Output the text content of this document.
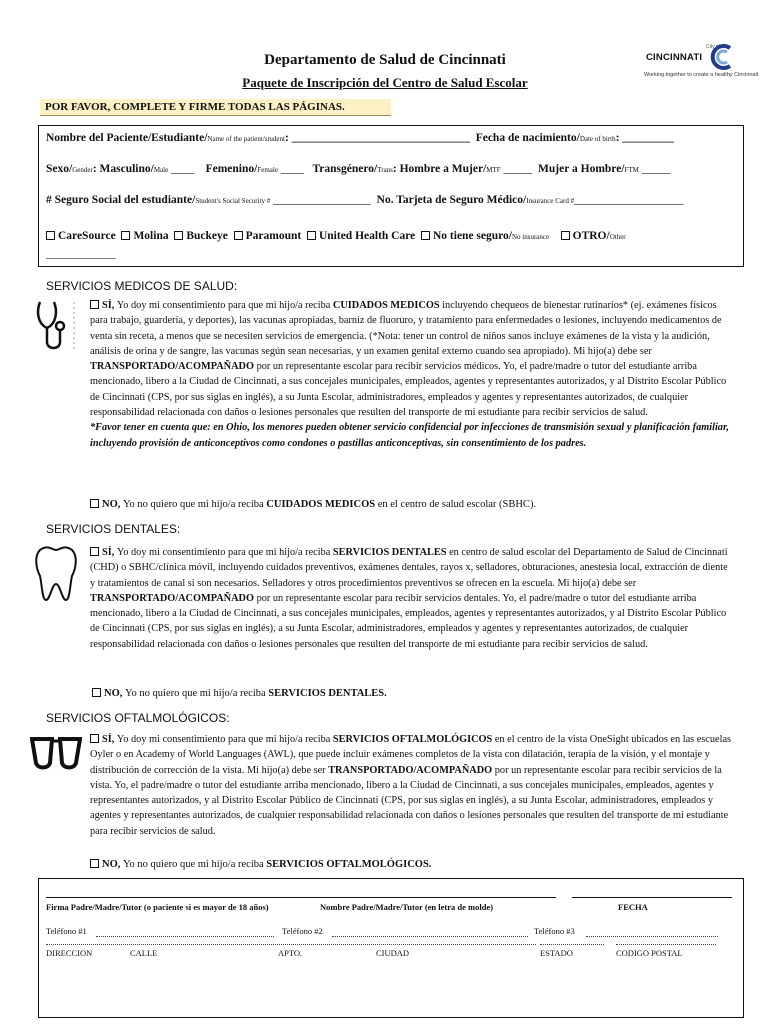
Departamento de Salud de Cincinnati
Paquete de Inscripción del Centro de Salud Escolar
City of
CINCINNATI
Working together to create a healthy Cincinnati
POR FAVOR, COMPLETE Y FIRME TODAS LAS PÁGINAS.
Nombre del Paciente/Estudiante/Name of the patient/student: _______________________________ Fecha de nacimiento/Date of birth: _________
Sexo/Gender: Masculino/Male ____ Femenino/Female ____ Transgénero/Trans: Hombre a Mujer/MTF _____ Mujer a Hombre/FTM _____
# Seguro Social del estudiante/Student's Social Security # _________________ No. Tarjeta de Seguro Médico/Insurance Card #___________________
CareSource Molina Buckeye Paramount United Health Care No tiene seguro/No insurance OTRO/Other
______________
SERVICIOS MEDICOS DE SALUD:
SÍ, Yo doy mi consentimiento para que mi hijo/a reciba CUIDADOS MEDICOS incluyendo chequeos de bienestar rutinarios* (ej. exámenes físicos para trabajo, guardería, y deportes), las vacunas apropiadas, barniz de fluoruro, y tratamiento para enfermedades o lesiones, incluyendo medicamentos de venta sin receta, a menos que se necesiten servicios de emergencia. (*Nota: tener un control de niños sanos incluye exámenes de la vista y la audición, análisis de orina y de sangre, las vacunas según sean necesarias, y un examen genital externo cuando sea apropiado). Mi hijo(a) debe ser TRANSPORTADO/ACOMPAÑADO por un representante escolar para recibir servicios médicos. Yo, el padre/madre o tutor del estudiante arriba mencionado, libero a la Ciudad de Cincinnati, a sus concejales municipales, empleados, agentes y representantes autorizados, y al Distrito Escolar Público de Cincinnati (CPS, por sus siglas en inglés), a su Junta Escolar, administradores, empleados y agentes y representantes autorizados, de cualquier responsabilidad relacionada con daños o lesiones personales que resulten del transporte de mi estudiante para recibir servicios de salud.
*Favor tener en cuenta que: en Ohio, los menores pueden obtener servicio confidencial por infecciones de transmisión sexual y planificación familiar, incluyendo provisión de anticonceptivos como condones o pastillas anticonceptivas, sin consentimiento de los padres.
NO, Yo no quiero que mi hijo/a reciba CUIDADOS MEDICOS en el centro de salud escolar (SBHC).
SERVICIOS DENTALES:
SÍ, Yo doy mi consentimiento para que mi hijo/a reciba SERVICIOS DENTALES en centro de salud escolar del Departamento de Salud de Cincinnati (CHD) o SBHC/clínica móvil, incluyendo cuidados preventivos, exámenes dentales, rayos x, selladores, obturaciones, anestesia local, extracción de diente y tratamientos de canal si son necesarios. Selladores y otros procedimientos preventivos se ofrecen en la escuela. Mi hijo(a) debe ser TRANSPORTADO/ACOMPAÑADO por un representante escolar para recibir servicios dentales. Yo, el padre/madre o tutor del estudiante arriba mencionado, libero a la Ciudad de Cincinnati, a sus concejales municipales, empleados, agentes y representantes autorizados, y al Distrito Escolar Público de Cincinnati (CPS, por sus siglas en inglés), a su Junta Escolar, administradores, empleados y agentes y representantes autorizados, de cualquier responsabilidad relacionada con daños o lesiones personales que resulten del transporte de mi estudiante para recibir servicios de salud.
NO, Yo no quiero que mi hijo/a reciba SERVICIOS DENTALES.
SERVICIOS OFTALMOLÓGICOS:
SÍ, Yo doy mi consentimiento para que mi hijo/a reciba SERVICIOS OFTALMOLÓGICOS en el centro de la vista OneSight ubicados en las escuelas Oyler o en Academy of World Languages (AWL), que puede incluir exámenes completos de la vista con dilatación, terapia de la visión, y el montaje y distribución de corrección de la vista. Mi hijo(a) debe ser TRANSPORTADO/ACOMPAÑADO por un representante escolar para recibir servicios de la vista. Yo, el padre/madre o tutor del estudiante arriba mencionado, libero a la Ciudad de Cincinnati, a sus concejales municipales, empleados, agentes y representantes autorizados, y al Distrito Escolar Público de Cincinnati (CPS, por sus siglas en inglés), a su Junta Escolar, administradores, empleados y agentes y representantes autorizados, de cualquier responsabilidad relacionada con daños o lesiones personales que resulten del transporte de mi estudiante para recibir servicios de salud.
NO, Yo no quiero que mi hijo/a reciba SERVICIOS OFTALMOLÓGICOS.
Firma Padre/Madre/Tutor (o paciente si es mayor de 18 años)	Nombre Padre/Madre/Tutor (en letra de molde)	FECHA
Teléfono #1	Teléfono #2	Teléfono #3
DIRECCION	CALLE	APTO.	CIUDAD	ESTADO	CODIGO POSTAL
